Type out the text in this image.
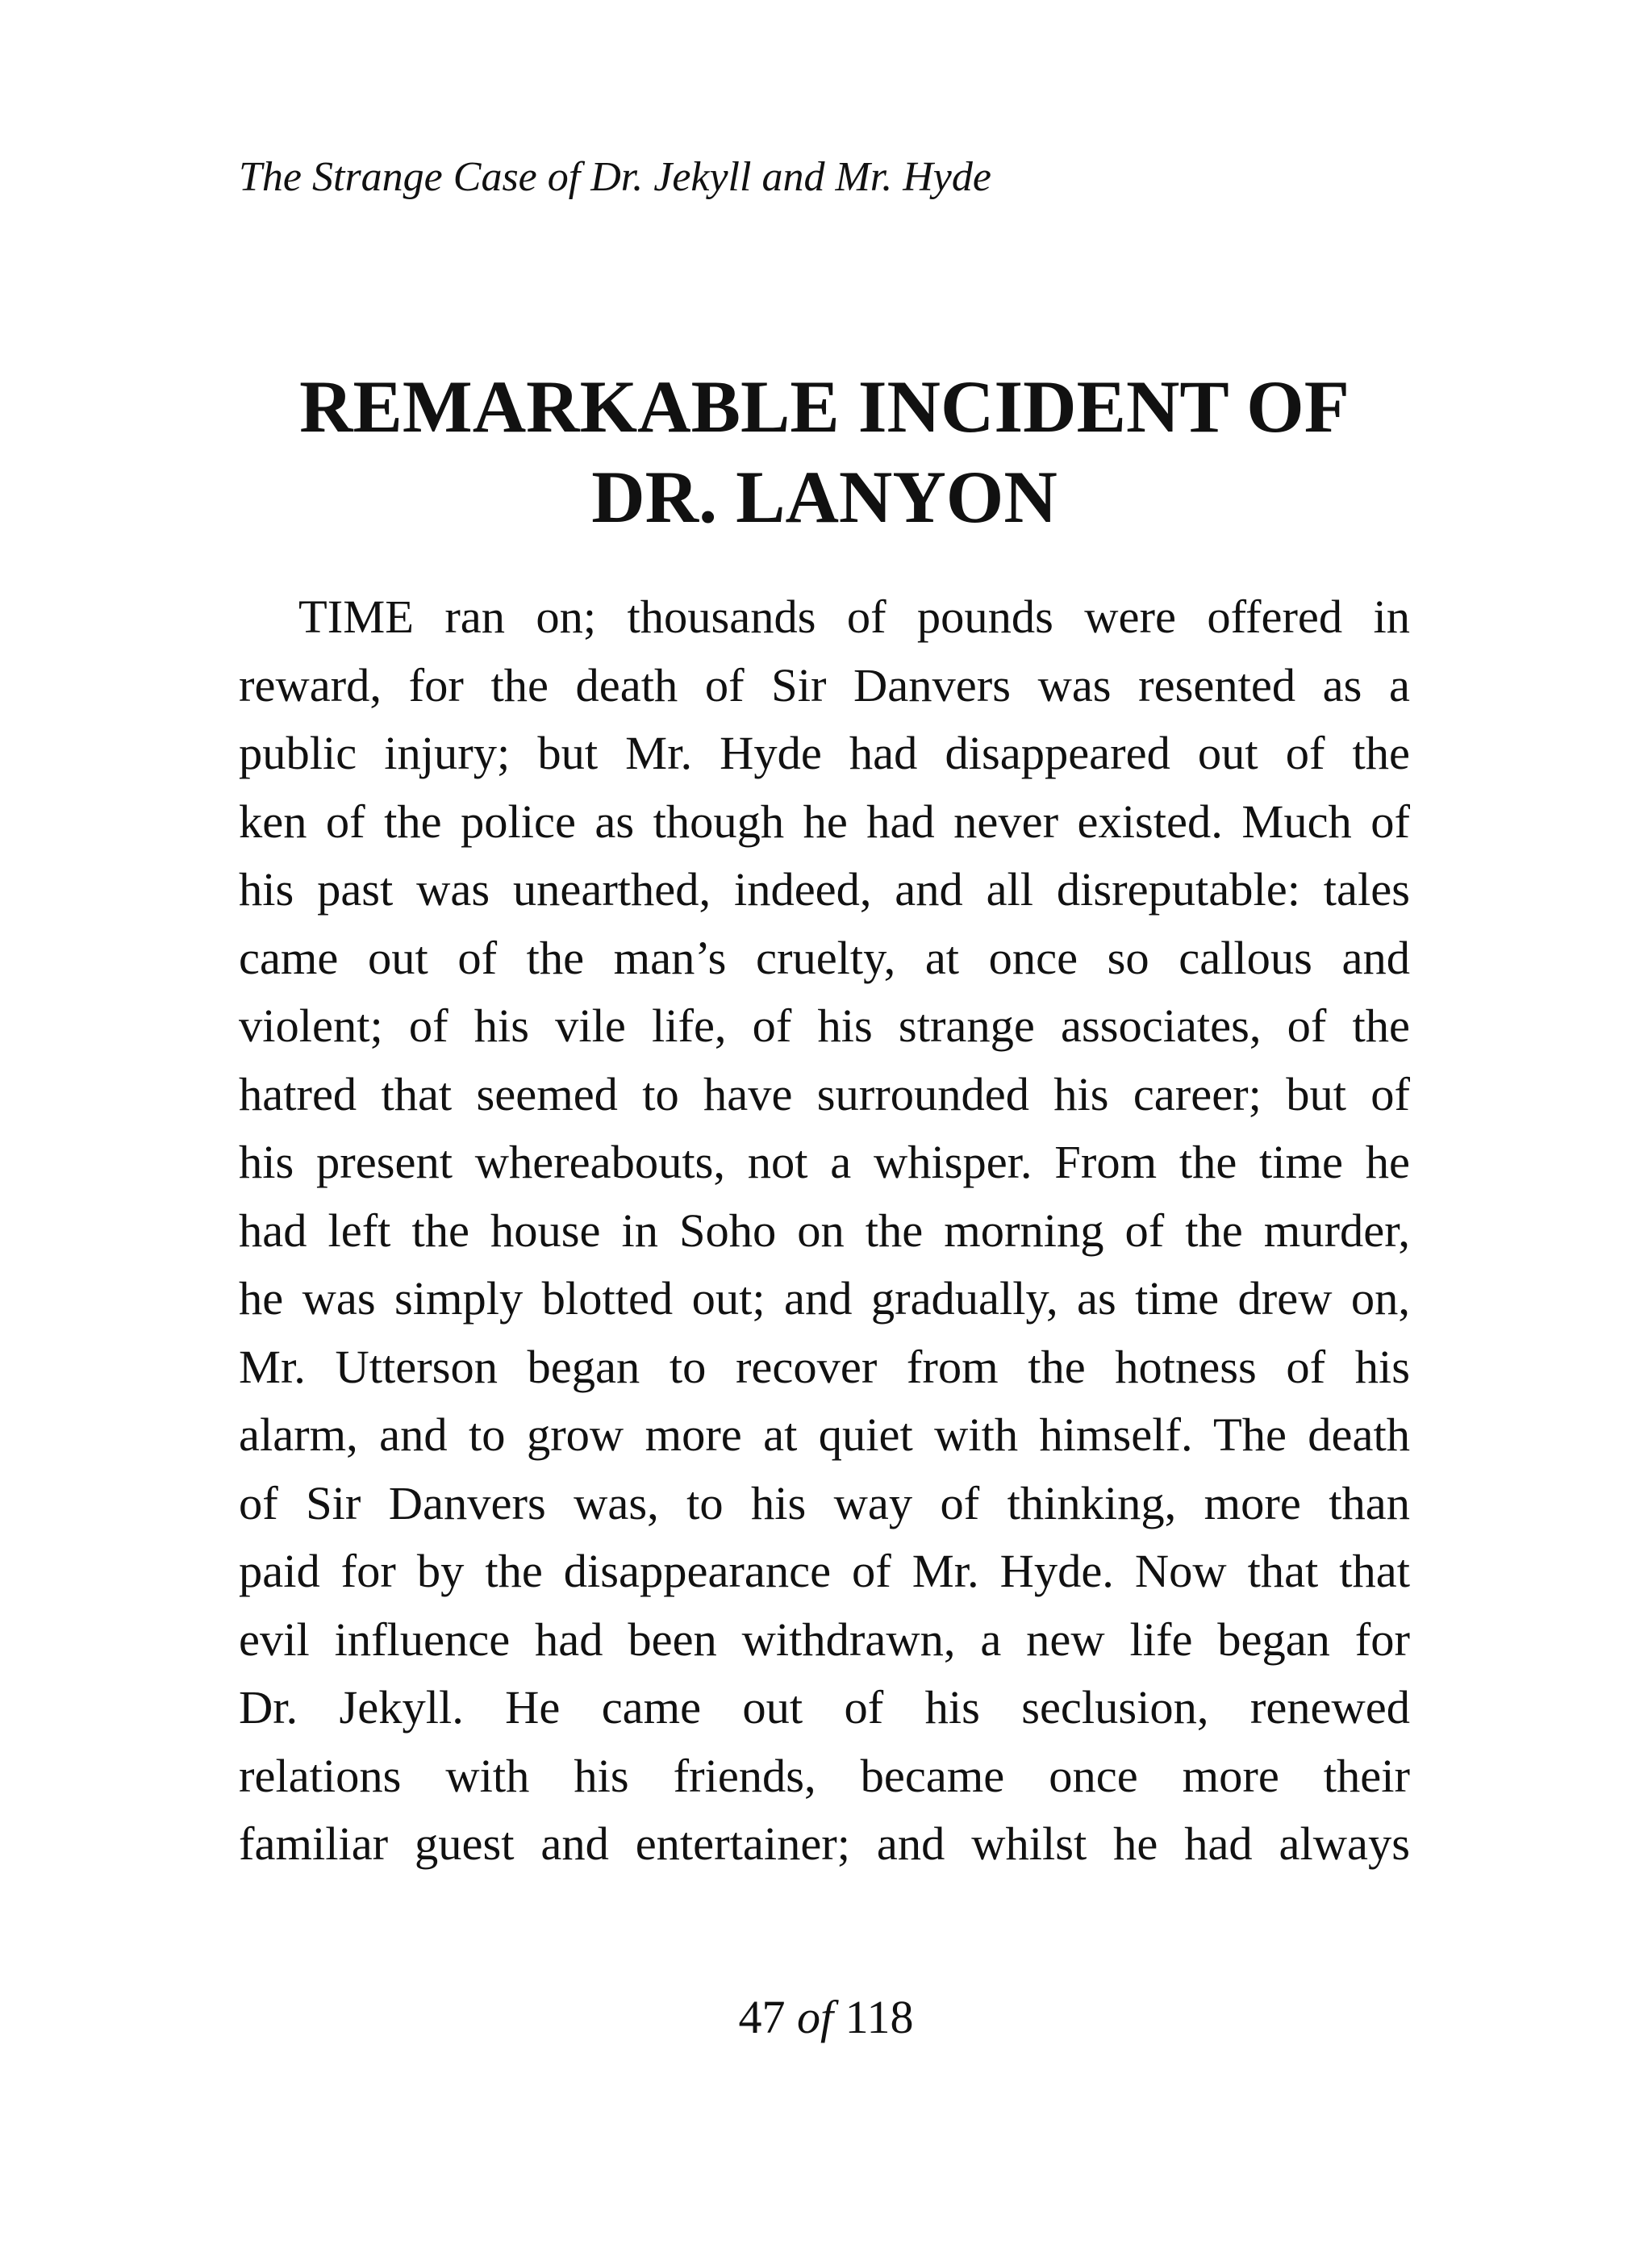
The Strange Case of Dr. Jekyll and Mr. Hyde
REMARKABLE INCIDENT OF
DR. LANYON
TIME ran on; thousands of pounds were offered in
reward, for the death of Sir Danvers was resented as a
public injury; but Mr. Hyde had disappeared out of the
ken of the police as though he had never existed. Much of
his past was unearthed, indeed, and all disreputable: tales
came out of the man’s cruelty, at once so callous and
violent; of his vile life, of his strange associates, of the
hatred that seemed to have surrounded his career; but of
his present whereabouts, not a whisper. From the time he
had left the house in Soho on the morning of the murder,
he was simply blotted out; and gradually, as time drew on,
Mr. Utterson began to recover from the hotness of his
alarm, and to grow more at quiet with himself. The death
of Sir Danvers was, to his way of thinking, more than
paid for by the disappearance of Mr. Hyde. Now that that
evil influence had been withdrawn, a new life began for
Dr. Jekyll. He came out of his seclusion, renewed
relations with his friends, became once more their
familiar guest and entertainer; and whilst he had always
47 of 118
